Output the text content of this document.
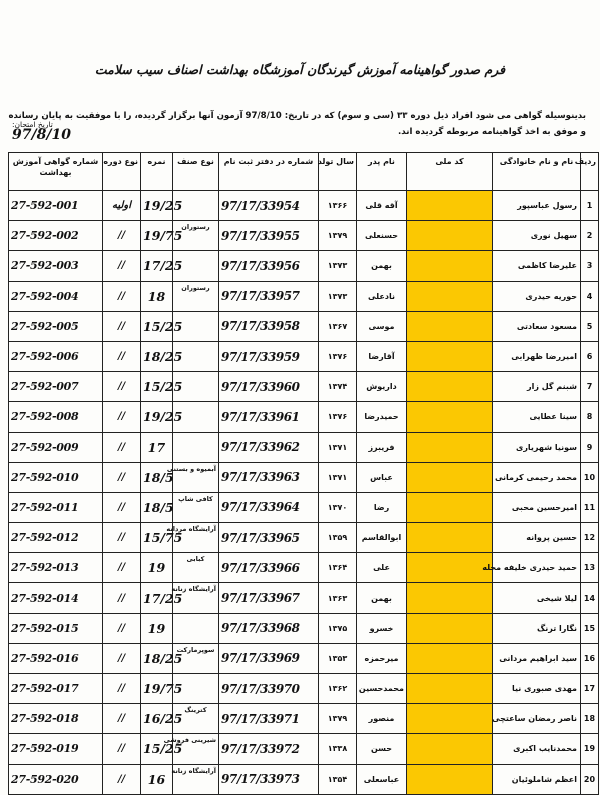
فرم صدور گواهینامه آموزش گیرندگان آموزشگاه بهداشت اصناف سیب سلامت
بدینوسیله گواهی می شود افراد ذیل دوره ۳۳ (سی و سوم) که در تاریخ: 97/8/10 آزمون آنها برگزار گردیده، را با موفقیت به پایان رسانده و موفق به اخذ گواهینامه مربوطه گردیده اند.
تاریخ امتحان:
97/8/10
ردیف	نام و نام خانوادگی	کد ملی	نام پدر	سال تولد	شماره در دفتر ثبت نام	نوع صنف	نمره	نوع دوره	شماره گواهی آموزش بهداشت
1	رسول عباسپور		آقه قلی	۱۳۶۶	97/17/33954		19/25	اولیه	27-592-001
2	سهیل نوری		حسنعلی	۱۳۷۹	97/17/33955	رستوران	19/75	//	27-592-002
3	علیرضا کاظمی		بهمن	۱۳۷۳	97/17/33956		17/25	//	27-592-003
4	حوریه حیدری		نادعلی	۱۳۷۳	97/17/33957	رستوران	18	//	27-592-004
5	مسعود سعادتی		موسی	۱۳۶۷	97/17/33958		15/25	//	27-592-005
6	امیررضا ظهرابی		آقارضا	۱۳۷۶	97/17/33959		18/25	//	27-592-006
7	شبنم گل زار		داریوش	۱۳۷۴	97/17/33960		15/25	//	27-592-007
8	سینا عطایی		حمیدرضا	۱۳۷۶	97/17/33961		19/25	//	27-592-008
9	سونیا شهریاری		فریبرز	۱۳۷۱	97/17/33962		17	//	27-592-009
10	محمد رحیمی کرمانی		عباس	۱۳۷۱	97/17/33963	آبمیوه و بستنی	18/5	//	27-592-010
11	امیرحسین محبی		رضا	۱۳۷۰	97/17/33964	کافی شاپ	18/5	//	27-592-011
12	حسین پروانه		ابوالقاسم	۱۳۵۹	97/17/33965	آرایشگاه مردانه	15/75	//	27-592-012
13	حمید حیدری خلیفه محله		علی	۱۳۶۴	97/17/33966	کبابی	19	//	27-592-013
14	لیلا شیخی		بهمن	۱۳۶۳	97/17/33967	آرایشگاه زنانه	17/25	//	27-592-014
15	نگارا ترنگ		خسرو	۱۳۷۵	97/17/33968		19	//	27-592-015
16	سید ابراهیم مردانی		میرحمزه	۱۳۵۳	97/17/33969	سوپرمارکت	18/25	//	27-592-016
17	مهدی صبوری نیا		محمدحسین	۱۳۶۲	97/17/33970		19/75	//	27-592-017
18	ناصر رمضان ساعتچی		منصور	۱۳۷۹	97/17/33971	کترینگ	16/25	//	27-592-018
19	محمدنایب اکبری		حسن	۱۳۳۸	97/17/33972	شیرینی فروشی	15/25	//	27-592-019
20	اعظم شاملوئیان		عباسعلی	۱۳۵۴	97/17/33973	آرایشگاه زنانه	16	//	27-592-020
